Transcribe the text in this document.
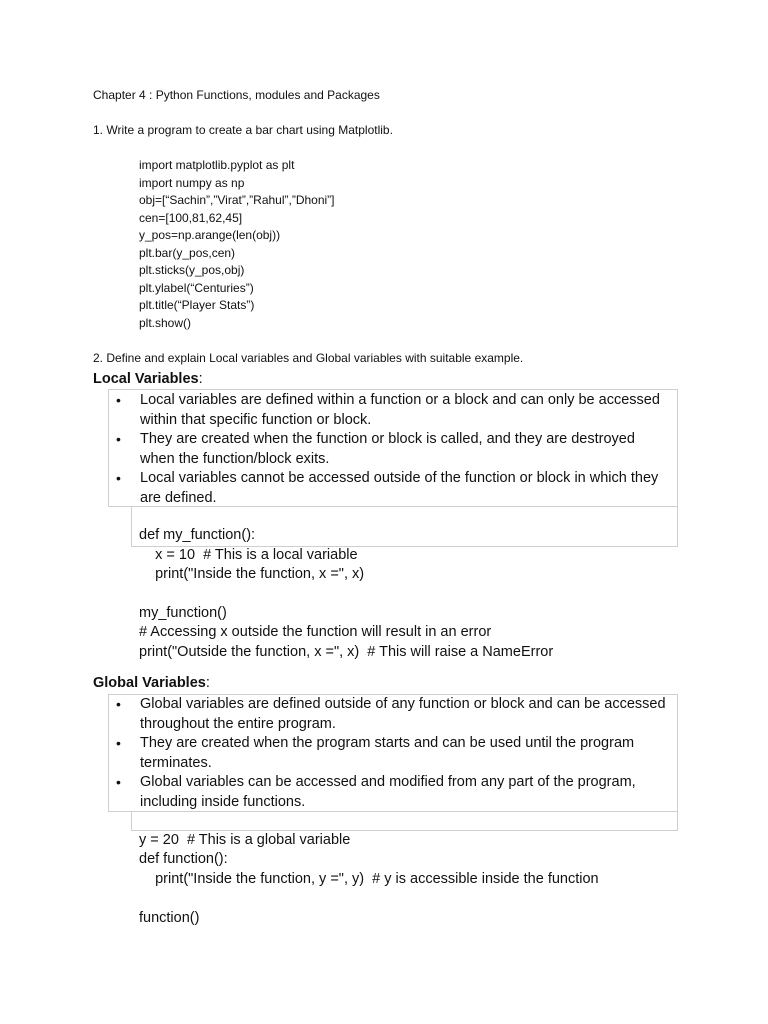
Chapter 4 : Python Functions, modules and Packages
1. Write a program to create a bar chart using Matplotlib.
import matplotlib.pyplot as plt
import numpy as np
obj=[“Sachin”,”Virat”,”Rahul”,”Dhoni”]
cen=[100,81,62,45]
y_pos=np.arange(len(obj))
plt.bar(y_pos,cen)
plt.sticks(y_pos,obj)
plt.ylabel(“Centuries”)
plt.title(“Player Stats”)
plt.show()
2. Define and explain Local variables and Global variables with suitable example.
Local Variables:
• Local variables are defined within a function or a block and can only be accessed within that specific function or block.
• They are created when the function or block is called, and they are destroyed when the function/block exits.
• Local variables cannot be accessed outside of the function or block in which they are defined.
def my_function():
x = 10  # This is a local variable
print("Inside the function, x =", x)
my_function()
# Accessing x outside the function will result in an error
print("Outside the function, x =", x)  # This will raise a NameError
Global Variables:
• Global variables are defined outside of any function or block and can be accessed throughout the entire program.
• They are created when the program starts and can be used until the program terminates.
• Global variables can be accessed and modified from any part of the program, including inside functions.
y = 20  # This is a global variable
def function():
print("Inside the function, y =", y)  # y is accessible inside the function
function()
